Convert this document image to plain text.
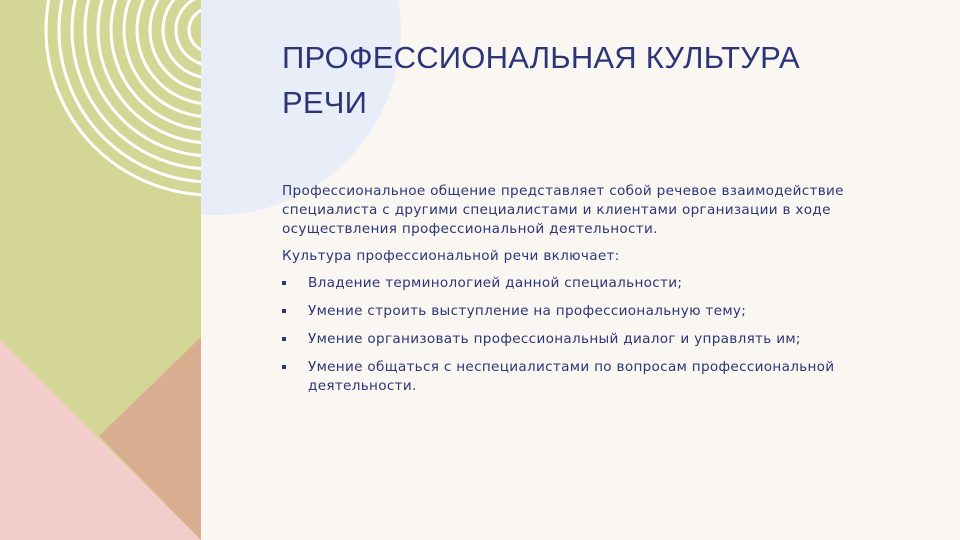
ПРОФЕССИОНАЛЬНАЯ КУЛЬТУРА
РЕЧИ

Профессиональное общение представляет собой речевое взаимодействие специалиста с другими специалистами и клиентами организации в ходе осуществления профессиональной деятельности.

Культура профессиональной речи включает:

Владение терминологией данной специальности;
Умение строить выступление на профессиональную тему;
Умение организовать профессиональный диалог и управлять им;
Умение общаться с неспециалистами по вопросам профессиональной деятельности.
